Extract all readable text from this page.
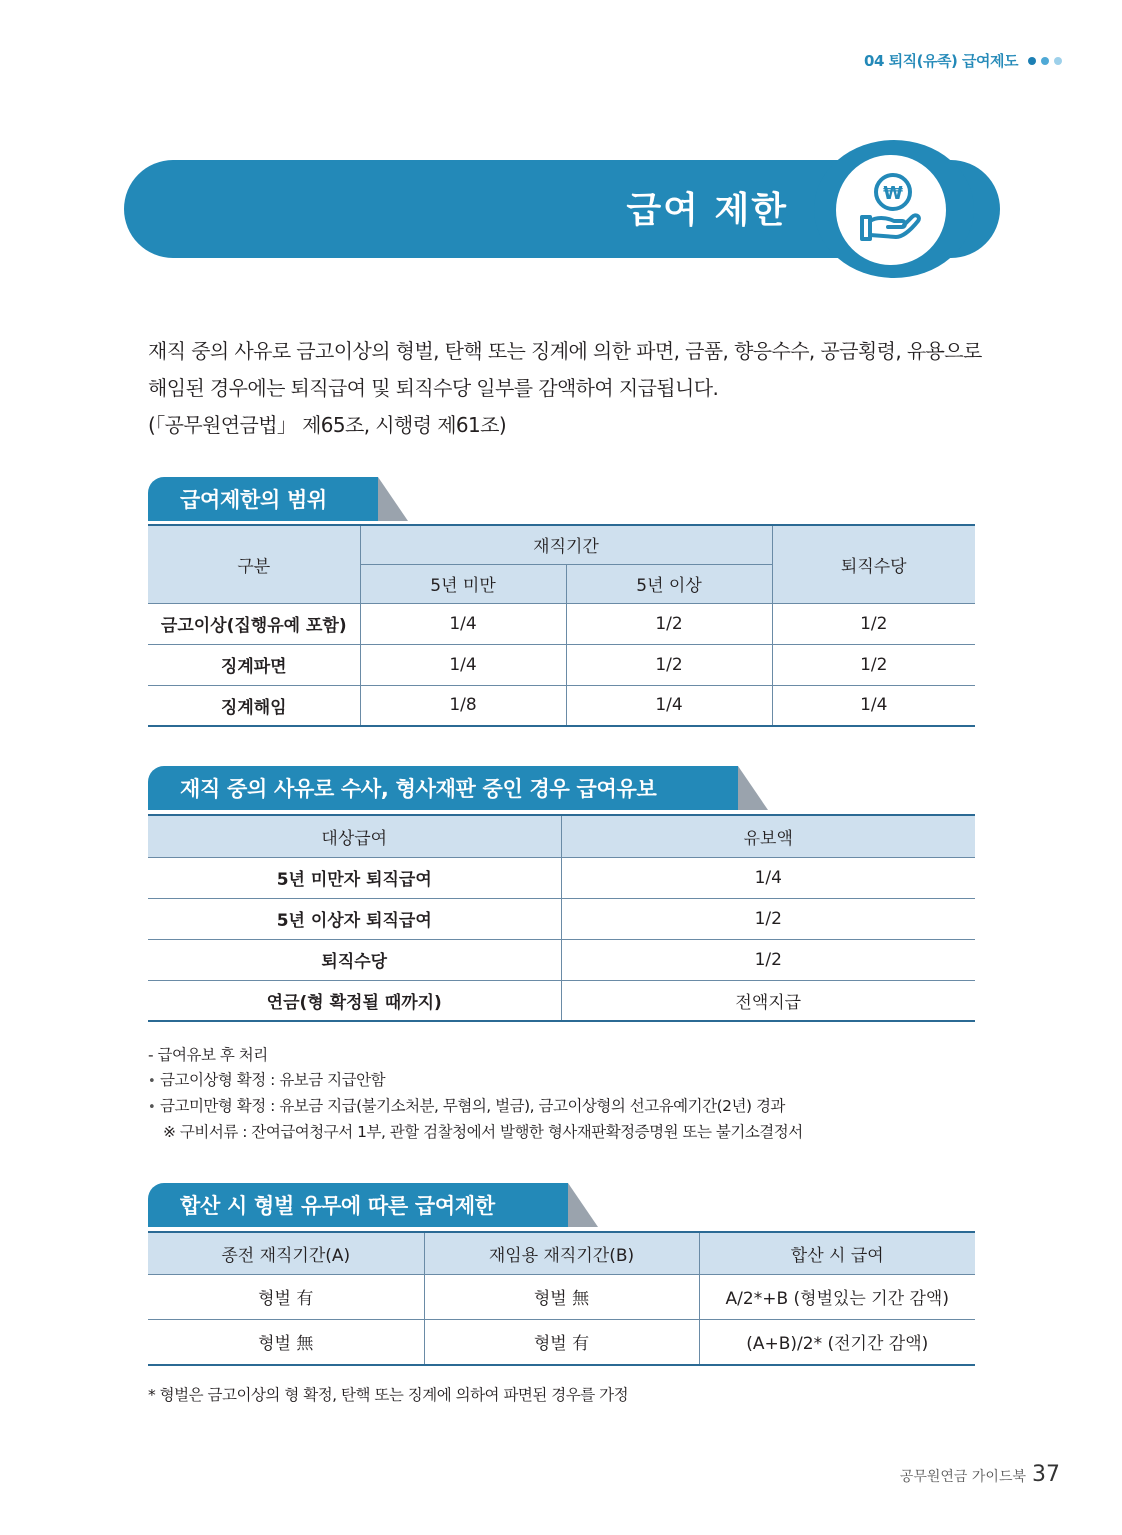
04 퇴직(유족) 급여제도
급여 제한	₩

재직 중의 사유로 금고이상의 형벌, 탄핵 또는 징계에 의한 파면, 금품, 향응수수, 공금횡령, 유용으로

해임된 경우에는 퇴직급여 및 퇴직수당 일부를 감액하여 지급됩니다.

(「공무원연금법」 제65조, 시행령 제61조)

급여제한의 범위
구분	재직기간		퇴직수당
	5년 미만	5년 이상	
금고이상(집행유예 포함)	1/4	1/2	1/2
징계파면	1/4	1/2	1/2
징계해임	1/8	1/4	1/4
재직 중의 사유로 수사, 형사재판 중인 경우 급여유보
대상급여	유보액
5년 미만자 퇴직급여	1/4
5년 이상자 퇴직급여	1/2
퇴직수당	1/2
연금(형 확정될 때까지)	전액지급
- 급여유보 후 처리
• 금고이상형 확정 : 유보금 지급안함
• 금고미만형 확정 : 유보금 지급(불기소처분, 무혐의, 벌금), 금고이상형의 선고유예기간(2년) 경과
※ 구비서류 : 잔여급여청구서 1부, 관할 검찰청에서 발행한 형사재판확정증명원 또는 불기소결정서
합산 시 형벌 유무에 따른 급여제한
종전 재직기간(A)	재임용 재직기간(B)	합산 시 급여
형벌 有	형벌 無	A/2*+B (형벌있는 기간 감액)
형벌 無	형벌 有	(A+B)/2* (전기간 감액)
* 형벌은 금고이상의 형 확정, 탄핵 또는 징계에 의하여 파면된 경우를 가정
공무원연금 가이드북 37
